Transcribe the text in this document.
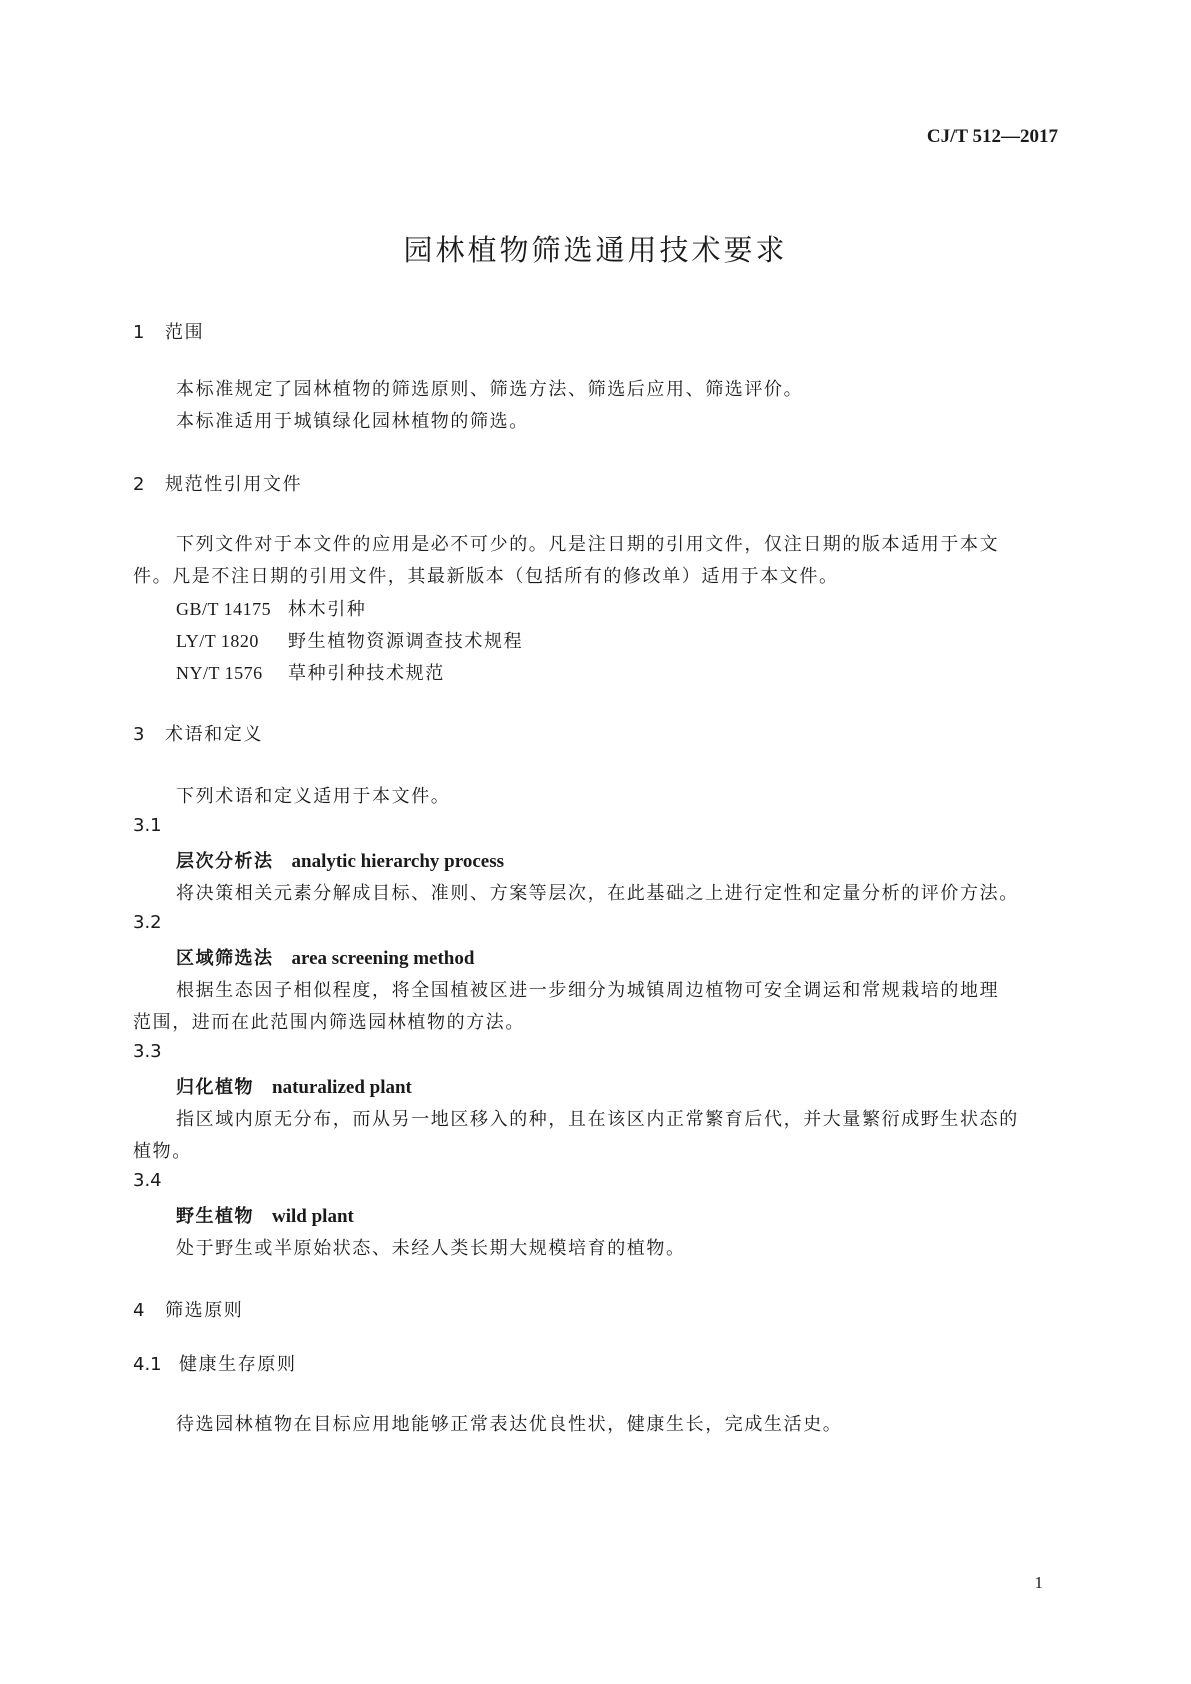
CJ/T 512—2017
园林植物筛选通用技术要求
1 范围
本标准规定了园林植物的筛选原则、筛选方法、筛选后应用、筛选评价。
本标准适用于城镇绿化园林植物的筛选。
2 规范性引用文件
下列文件对于本文件的应用是必不可少的。凡是注日期的引用文件，仅注日期的版本适用于本文
件。凡是不注日期的引用文件，其最新版本（包括所有的修改单）适用于本文件。
GB/T 14175 林木引种
LY/T 1820 野生植物资源调查技术规程
NY/T 1576 草种引种技术规范
3 术语和定义
下列术语和定义适用于本文件。
3.1
层次分析法 analytic hierarchy process
将决策相关元素分解成目标、准则、方案等层次，在此基础之上进行定性和定量分析的评价方法。
3.2
区域筛选法 area screening method
根据生态因子相似程度，将全国植被区进一步细分为城镇周边植物可安全调运和常规栽培的地理
范围，进而在此范围内筛选园林植物的方法。
3.3
归化植物 naturalized plant
指区域内原无分布，而从另一地区移入的种，且在该区内正常繁育后代，并大量繁衍成野生状态的
植物。
3.4
野生植物 wild plant
处于野生或半原始状态、未经人类长期大规模培育的植物。
4 筛选原则
4.1 健康生存原则
待选园林植物在目标应用地能够正常表达优良性状，健康生长，完成生活史。
1
